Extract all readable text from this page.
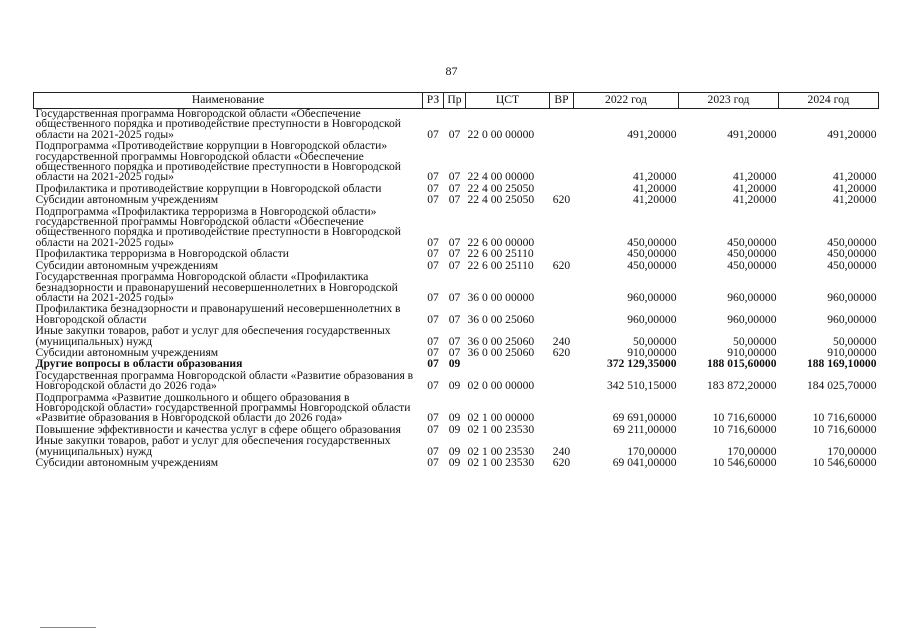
87
Наименование	РЗ	Пр	ЦСТ	ВР	2022 год	2023 год	2024 год
Государственная программа Новгородской области «Обеспечение общественного порядка и противодействие преступности в Новгородской области на 2021-2025 годы»	07	07	22 0 00 00000		491,20000	491,20000	491,20000
Подпрограмма «Противодействие коррупции в Новгородской области» государственной программы Новгородской области «Обеспечение общественного порядка и противодействие преступности в Новгородской области на 2021-2025 годы»	07	07	22 4 00 00000		41,20000	41,20000	41,20000
Профилактика и противодействие коррупции в Новгородской области	07	07	22 4 00 25050		41,20000	41,20000	41,20000
Субсидии автономным учреждениям	07	07	22 4 00 25050	620	41,20000	41,20000	41,20000
Подпрограмма «Профилактика терроризма в Новгородской области» государственной программы Новгородской области «Обеспечение общественного порядка и противодействие преступности в Новгородской области на 2021-2025 годы»	07	07	22 6 00 00000		450,00000	450,00000	450,00000
Профилактика терроризма в Новгородской области	07	07	22 6 00 25110		450,00000	450,00000	450,00000
Субсидии автономным учреждениям	07	07	22 6 00 25110	620	450,00000	450,00000	450,00000
Государственная программа Новгородской области «Профилактика безнадзорности и правонарушений несовершеннолетних в Новгородской области на 2021-2025 годы»	07	07	36 0 00 00000		960,00000	960,00000	960,00000
Профилактика безнадзорности и правонарушений несовершеннолетних в Новгородской области	07	07	36 0 00 25060		960,00000	960,00000	960,00000
Иные закупки товаров, работ и услуг для обеспечения государственных (муниципальных) нужд	07	07	36 0 00 25060	240	50,00000	50,00000	50,00000
Субсидии автономным учреждениям	07	07	36 0 00 25060	620	910,00000	910,00000	910,00000
Другие вопросы в области образования	07	09			372 129,35000	188 015,60000	188 169,10000
Государственная программа Новгородской области «Развитие образования в Новгородской области до 2026 года»	07	09	02 0 00 00000		342 510,15000	183 872,20000	184 025,70000
Подпрограмма «Развитие дошкольного и общего образования в Новгородской области» государственной программы Новгородской области «Развитие образования в Новгородской области до 2026 года»	07	09	02 1 00 00000		69 691,00000	10 716,60000	10 716,60000
Повышение эффективности и качества услуг в сфере общего образования	07	09	02 1 00 23530		69 211,00000	10 716,60000	10 716,60000
Иные закупки товаров, работ и услуг для обеспечения государственных (муниципальных) нужд	07	09	02 1 00 23530	240	170,00000	170,00000	170,00000
Субсидии автономным учреждениям	07	09	02 1 00 23530	620	69 041,00000	10 546,60000	10 546,60000
